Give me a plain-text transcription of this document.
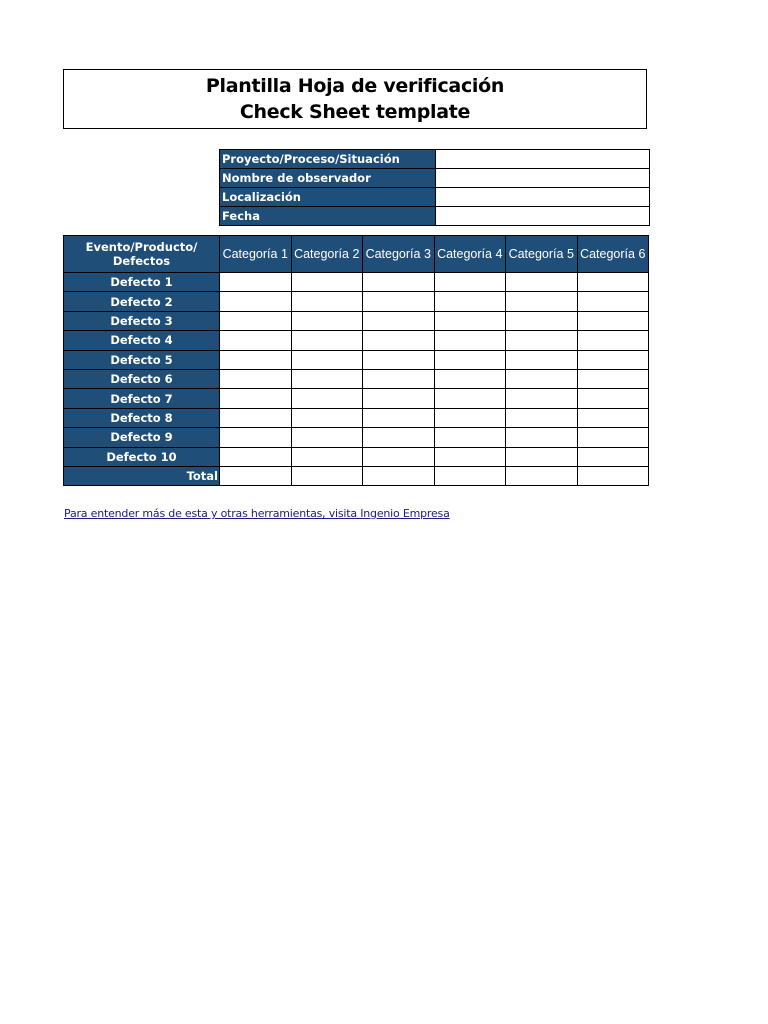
Plantilla Hoja de verificación
Check Sheet template
Proyecto/Proceso/Situación	
Nombre de observador	
Localización	
Fecha	
Evento/Producto/
Defectos	Categoría 1	Categoría 2	Categoría 3	Categoría 4	Categoría 5	Categoría 6
Defecto 1						
Defecto 2						
Defecto 3						
Defecto 4						
Defecto 5						
Defecto 6						
Defecto 7						
Defecto 8						
Defecto 9						
Defecto 10						
Total						
Para entender más de esta y otras herramientas, visita Ingenio Empresa
